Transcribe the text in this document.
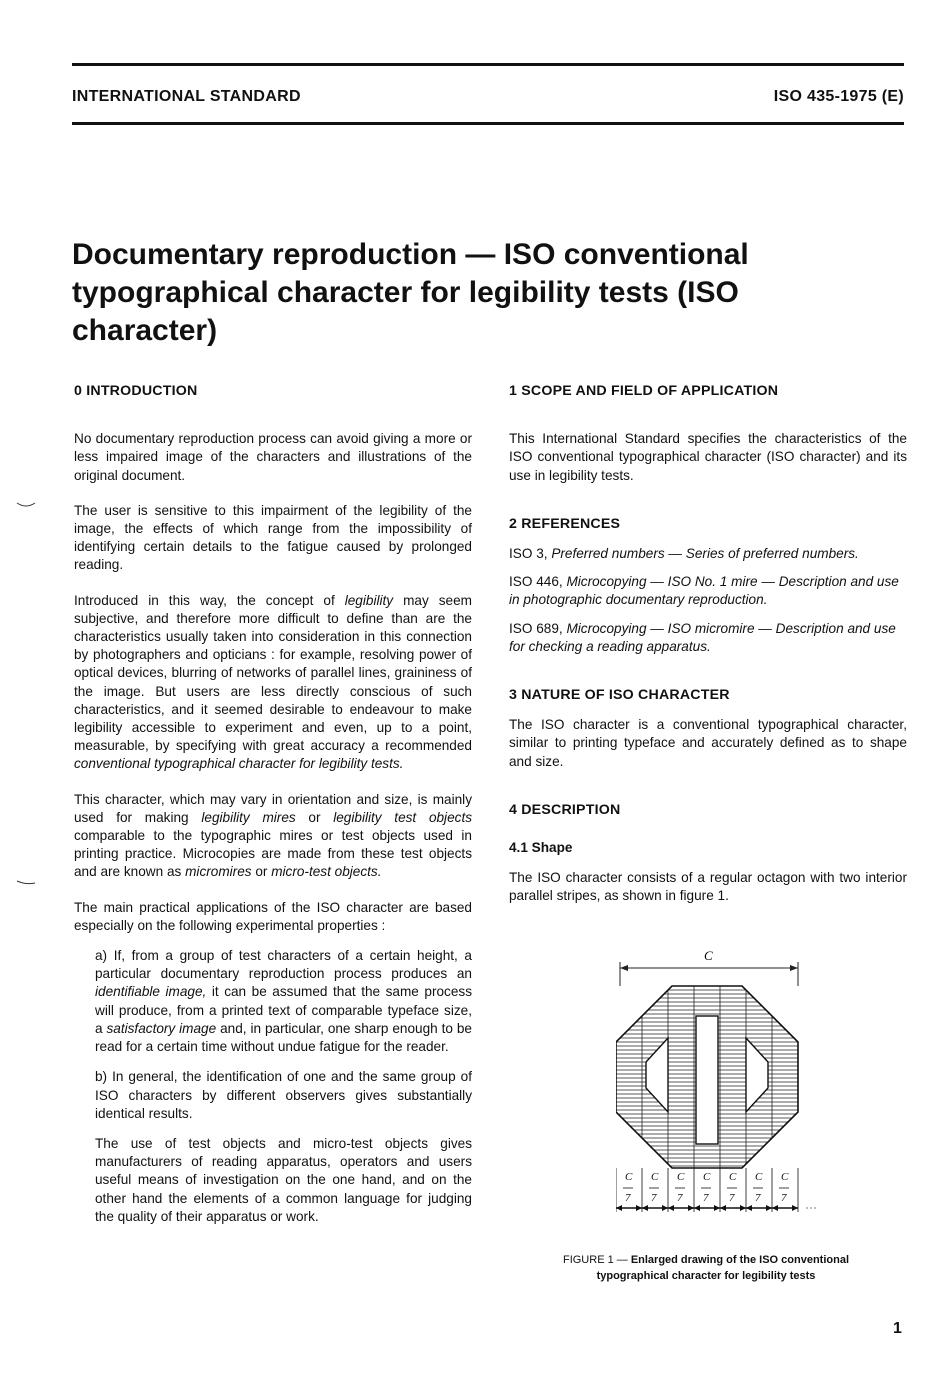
INTERNATIONAL STANDARD	ISO 435-1975 (E)
Documentary reproduction — ISO conventional
typographical character for legibility tests (ISO character)
0 INTRODUCTION

No documentary reproduction process can avoid giving a more or less impaired image of the characters and illustrations of the original document.

The user is sensitive to this impairment of the legibility of the image, the effects of which range from the impossibility of identifying certain details to the fatigue caused by prolonged reading.

Introduced in this way, the concept of legibility may seem subjective, and therefore more difficult to define than are the characteristics usually taken into consideration in this connection by photographers and opticians : for example, resolving power of optical devices, blurring of networks of parallel lines, graininess of the image. But users are less directly conscious of such characteristics, and it seemed desirable to endeavour to make legibility accessible to experiment and even, up to a point, measurable, by specifying with great accuracy a recommended conventional typographical character for legibility tests.

This character, which may vary in orientation and size, is mainly used for making legibility mires or legibility test objects comparable to the typographic mires or test objects used in printing practice. Microcopies are made from these test objects and are known as micromires or micro-test objects.

The main practical applications of the ISO character are based especially on the following experimental properties :

a) If, from a group of test characters of a certain height, a particular documentary reproduction process produces an identifiable image, it can be assumed that the same process will produce, from a printed text of comparable typeface size, a satisfactory image and, in particular, one sharp enough to be read for a certain time without undue fatigue for the reader.

b) In general, the identification of one and the same group of ISO characters by different observers gives substantially identical results.

The use of test objects and micro-test objects gives manufacturers of reading apparatus, operators and users useful means of investigation on the one hand, and on the other hand the elements of a common language for judging the quality of their apparatus or work.

1 SCOPE AND FIELD OF APPLICATION

This International Standard specifies the characteristics of the ISO conventional typographical character (ISO character) and its use in legibility tests.

2 REFERENCES

ISO 3, Preferred numbers — Series of preferred numbers.

ISO 446, Microcopying — ISO No. 1 mire — Description and use in photographic documentary reproduction.

ISO 689, Microcopying — ISO micromire — Description and use for checking a reading apparatus.

3 NATURE OF ISO CHARACTER

The ISO character is a conventional typographical character, similar to printing typeface and accurately defined as to shape and size.

4 DESCRIPTION
4.1 Shape

The ISO character consists of a regular octagon with two interior parallel stripes, as shown in figure 1.

C
C
7
C
7
C
7
C
7
C
7
C
7
C
7
FIGURE 1 — Enlarged drawing of the ISO conventional
typographical character for legibility tests
1
